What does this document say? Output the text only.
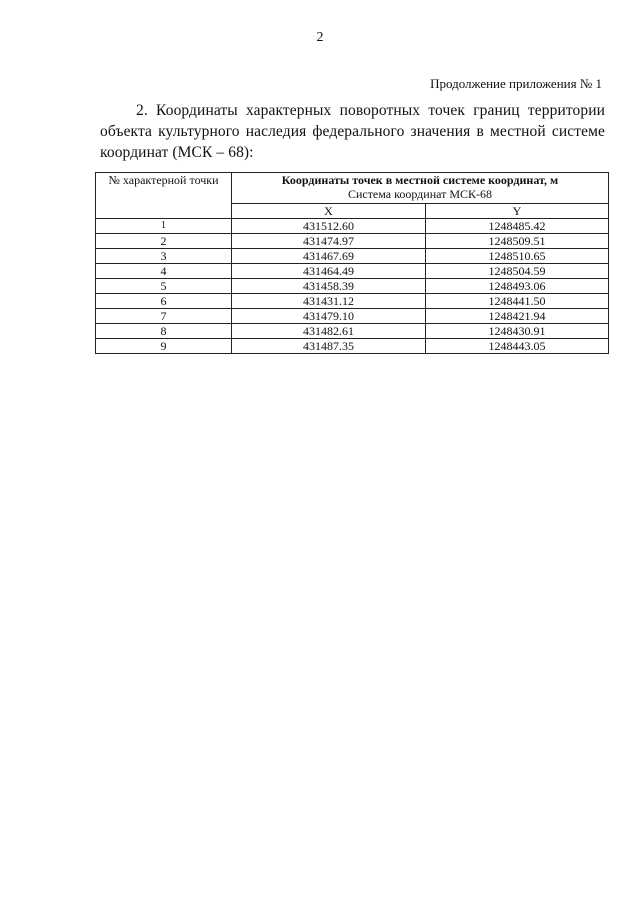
2
Продолжение приложения № 1
2. Координаты характерных поворотных точек границ территории объекта культурного наследия федерального значения в местной системе координат (МСК – 68):
№ характерной точки	Координаты точек в местной системе координат, м
Система координат МСК-68	

	X	Y
1	431512.60	1248485.42
2	431474.97	1248509.51
3	431467.69	1248510.65
4	431464.49	1248504.59
5	431458.39	1248493.06
6	431431.12	1248441.50
7	431479.10	1248421.94
8	431482.61	1248430.91
9	431487.35	1248443.05
